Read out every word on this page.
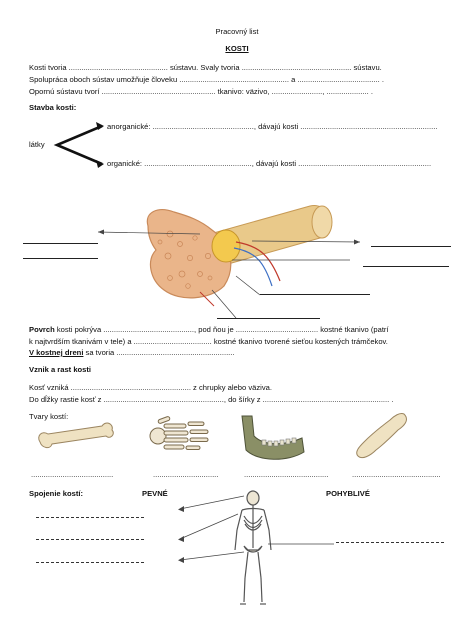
Pracovný list
KOSTI
Kosti tvoria ............................................... sústavu. Svaly tvoria .................................................... sústavu.
Spolupráca oboch sústav umožňuje človeku .................................................... a ....................................... .
Opornú sústavu tvorí ...................................................... tkanivo: väzivo, ........................, .................... .
Stavba kosti:
látky
anorganické: ................................................, dávajú kosti .................................................................
organické: ..................................................., dávajú kosti ...............................................................
Povrch kosti pokrýva ..........................................., pod ňou je ....................................... kostné tkanivo (patrí
k najtvrdším tkanivám v tele) a ..................................... kostné tkanivo tvorené sieťou kostených trámčekov.
V kostnej dreni sa tvoria ........................................................
Vznik a rast kosti
Kosť vzniká ......................................................... z chrupky alebo väziva.
Do dĺžky rastie kosť z ........................................................., do šírky z ............................................................ .
Tvary kostí:
.......................................	...............................	........................................	..........................................
Spojenie kostí:	PEVNÉ	POHYBLIVÉ
